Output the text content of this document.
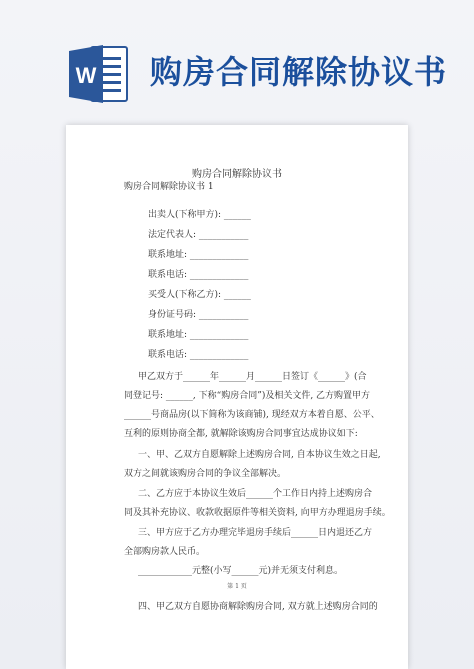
W 购房合同解除协议书
购房合同解除协议书
购房合同解除协议书 1
出卖人(下称甲方): ______
法定代表人: ___________
联系地址: _____________
联系电话: _____________
买受人(下称乙方): ______
身份证号码: ___________
联系地址: _____________
联系电话: _____________
甲乙双方于______年______月______日签订《______》(合
同登记号: ______, 下称“购房合同”)及相关文件, 乙方购置甲方
______号商品房(以下简称为该商铺), 现经双方本着自愿、公平、
互利的原则协商全都, 就解除该购房合同事宜达成协议如下:
一、甲、乙双方自愿解除上述购房合同, 自本协议生效之日起,
双方之间就该购房合同的争议全部解决。
二、乙方应于本协议生效后______个工作日内持上述购房合
同及其补充协议、收款收据原件等相关资料, 向甲方办理退房手续。
三、甲方应于乙方办理完毕退房手续后______日内退还乙方
全部购房款人民币。
____________元整(小写______元)并无须支付利息。
四、甲乙双方自愿协商解除购房合同, 双方就上述购房合同的
第 1 页
